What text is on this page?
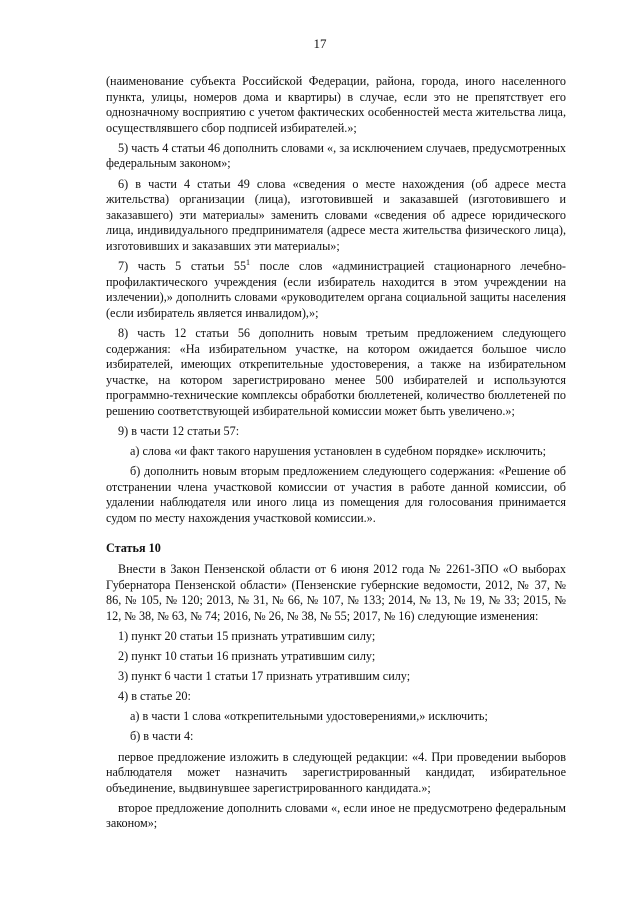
17

(наименование субъекта Российской Федерации, района, города, иного населенного пункта, улицы, номеров дома и квартиры) в случае, если это не препятствует его однозначному восприятию с учетом фактических особенностей места жительства лица, осуществлявшего сбор подписей избирателей.»;

5) часть 4 статьи 46 дополнить словами «, за исключением случаев, предусмотренных федеральным законом»;

6) в части 4 статьи 49 слова «сведения о месте нахождения (об адресе места жительства) организации (лица), изготовившей и заказавшей (изготовившего и заказавшего) эти материалы» заменить словами «сведения об адресе юридического лица, индивидуального предпринимателя (адресе места жительства физического лица), изготовивших и заказавших эти материалы»;

7) часть 5 статьи $55^1$ после слов «администрацией стационарного лечебно-профилактического учреждения (если избиратель находится в этом учреждении на излечении),» дополнить словами «руководителем органа социальной защиты населения (если избиратель является инвалидом),»;

8) часть 12 статьи 56 дополнить новым третьим предложением следующего содержания: «На избирательном участке, на котором ожидается большое число избирателей, имеющих открепительные удостоверения, а также на избирательном участке, на котором зарегистрировано менее 500 избирателей и используются программно-технические комплексы обработки бюллетеней, количество бюллетеней по решению соответствующей избирательной комиссии может быть увеличено.»;

9) в части 12 статьи 57:

а) слова «и факт такого нарушения установлен в судебном порядке» исключить;

б) дополнить новым вторым предложением следующего содержания: «Решение об отстранении члена участковой комиссии от участия в работе данной комиссии, об удалении наблюдателя или иного лица из помещения для голосования принимается судом по месту нахождения участковой комиссии.».

Статья 10

Внести в Закон Пензенской области от 6 июня 2012 года № 2261-ЗПО «О выборах Губернатора Пензенской области» (Пензенские губернские ведомости, 2012, № 37, № 86, № 105, № 120; 2013, № 31, № 66, № 107, № 133; 2014, № 13, № 19, № 33; 2015, № 12, № 38, № 63, № 74; 2016, № 26, № 38, № 55; 2017, № 16) следующие изменения:

1) пункт 20 статьи 15 признать утратившим силу;

2) пункт 10 статьи 16 признать утратившим силу;

3) пункт 6 части 1 статьи 17 признать утратившим силу;

4) в статье 20:

а) в части 1 слова «открепительными удостоверениями,» исключить;

б) в части 4:

первое предложение изложить в следующей редакции: «4. При проведении выборов наблюдателя может назначить зарегистрированный кандидат, избирательное объединение, выдвинувшее зарегистрированного кандидата.»;

второе предложение дополнить словами «, если иное не предусмотрено федеральным законом»;
